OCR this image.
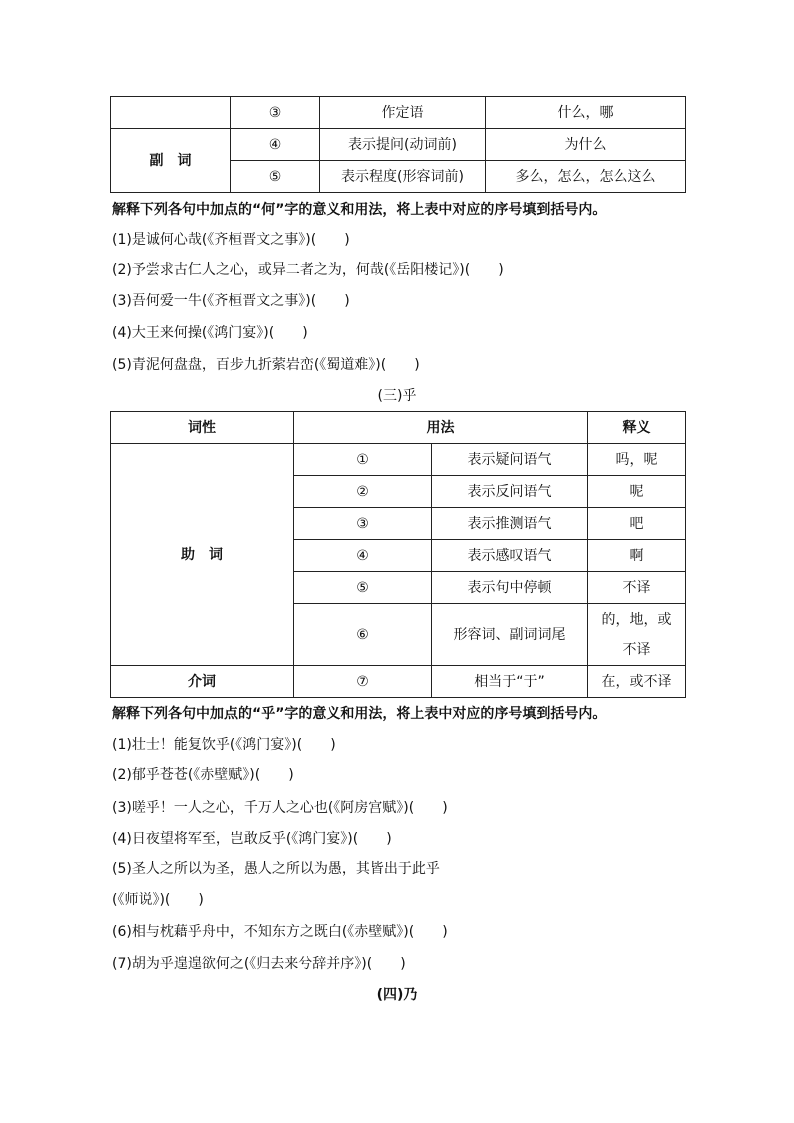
	③	作定语	什么，哪
副　词	④	表示提问(动词前)	为什么
	⑤	表示程度(形容词前)	多么，怎么，怎么这么
解释下列各句中加点的“何”字的意义和用法，将上表中对应的序号填到括号内。
(1)是诚何心哉(《齐桓晋文之事》)(　　)
(2)予尝求古仁人之心，或异二者之为，何哉(《岳阳楼记》)(　　)
(3)吾何爱一牛(《齐桓晋文之事》)(　　)
(4)大王来何操(《鸿门宴》)(　　)
(5)青泥何盘盘，百步九折萦岩峦(《蜀道难》)(　　)
(三)乎
词性	用法		释义
助　词	①	表示疑问语气	吗，呢
	②	表示反问语气	呢
	③	表示推测语气	吧
	④	表示感叹语气	啊
	⑤	表示句中停顿	不译
	⑥	形容词、副词词尾	的，地，或
不译

介词	⑦	相当于“于”	在，或不译
解释下列各句中加点的“乎”字的意义和用法，将上表中对应的序号填到括号内。
(1)壮士！能复饮乎(《鸿门宴》)(　　)
(2)郁乎苍苍(《赤壁赋》)(　　)
(3)嗟乎！一人之心，千万人之心也(《阿房宫赋》)(　　)
(4)日夜望将军至，岂敢反乎(《鸿门宴》)(　　)
(5)圣人之所以为圣，愚人之所以为愚，其皆出于此乎
(《师说》)(　　)
(6)相与枕藉乎舟中，不知东方之既白(《赤壁赋》)(　　)
(7)胡为乎遑遑欲何之(《归去来兮辞并序》)(　　)
(四)乃
